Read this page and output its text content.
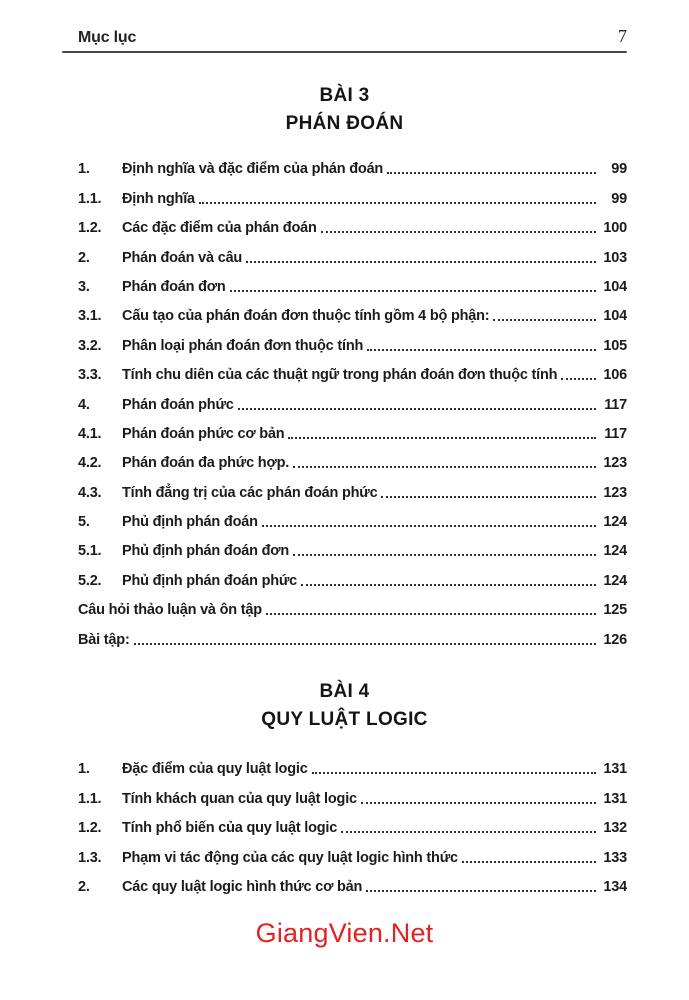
Mục lục	7
BÀI 3
PHÁN ĐOÁN
1.	Định nghĩa và đặc điểm của phán đoán	99
1.1.	Định nghĩa	99
1.2.	Các đặc điểm của phán đoán	100
2.	Phán đoán và câu	103
3.	Phán đoán đơn	104
3.1.	Cấu tạo của phán đoán đơn thuộc tính gồm 4 bộ phận:	104
3.2.	Phân loại phán đoán đơn thuộc tính	105
3.3.	Tính chu diên của các thuật ngữ trong phán đoán đơn thuộc tính	106
4.	Phán đoán phức	117
4.1.	Phán đoán phức cơ bản	117
4.2.	Phán đoán đa phức hợp.	123
4.3.	Tính đẳng trị của các phán đoán phức	123
5.	Phủ định phán đoán	124
5.1.	Phủ định phán đoán đơn	124
5.2.	Phủ định phán đoán phức	124
Câu hỏi thảo luận và ôn tập	125
Bài tập:	126
BÀI 4
QUY LUẬT LOGIC
1.	Đặc điểm của quy luật logic	131
1.1.	Tính khách quan của quy luật logic	131
1.2.	Tính phổ biến của quy luật logic	132
1.3.	Phạm vi tác động của các quy luật logic hình thức	133
2.	Các quy luật logic hình thức cơ bản	134
GiangVien.Net
